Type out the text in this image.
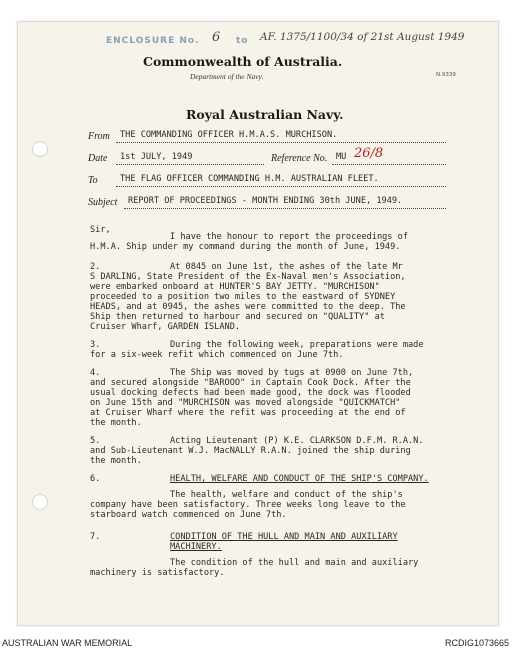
ENCLOSURE No. 6 to AF. 1375/1100/34 of 21st August 1949
Commonwealth of Australia.
Department of the Navy.	N.9339
Royal Australian Navy.
From THE COMMANDING OFFICER H.M.A.S. MURCHISON.
Date 1st JULY, 1949	Reference No. MU 26/8
To	THE FLAG OFFICER COMMANDING H.M. AUSTRALIAN FLEET.
Subject REPORT OF PROCEEDINGS - MONTH ENDING 30th JUNE, 1949.
Sir,
I have the honour to report the proceedings of
H.M.A. Ship under my command during the month of June, 1949.
2.	At 0845 on June 1st, the ashes of the late Mr
S DARLING, State President of the Ex-Naval men's Association,
were embarked onboard at HUNTER'S BAY JETTY. "MURCHISON"
proceeded to a position two miles to the eastward of SYDNEY
HEADS, and at 0945, the ashes were committed to the deep. The
Ship then returned to harbour and secured on "QUALITY" at
Cruiser Wharf, GARDEN ISLAND.
3.	During the following week, preparations were made
for a six-week refit which commenced on June 7th.
4.	The Ship was moved by tugs at 0900 on June 7th,
and secured alongside "BAROOO" in Captain Cook Dock. After the
usual docking defects had been made good, the dock was flooded
on June 15th and "MURCHISON was moved alongside "QUICKMATCH"
at Cruiser Wharf where the refit was proceeding at the end of
the month.
5.	Acting Lieutenant (P) K.E. CLARKSON D.F.M. R.A.N.
and Sub-Lieutenant W.J. MacNALLY R.A.N. joined the ship during
the month.
6.	HEALTH, WELFARE AND CONDUCT OF THE SHIP'S COMPANY.
The health, welfare and conduct of the ship's
company have been satisfactory. Three weeks long leave to the
starboard watch commenced on June 7th.
7.	CONDITION OF THE HULL AND MAIN AND AUXILIARY
MACHINERY.
The condition of the hull and main and auxiliary
machinery is satisfactory.
AUSTRALIAN WAR MEMORIAL	RCDIG1073665
